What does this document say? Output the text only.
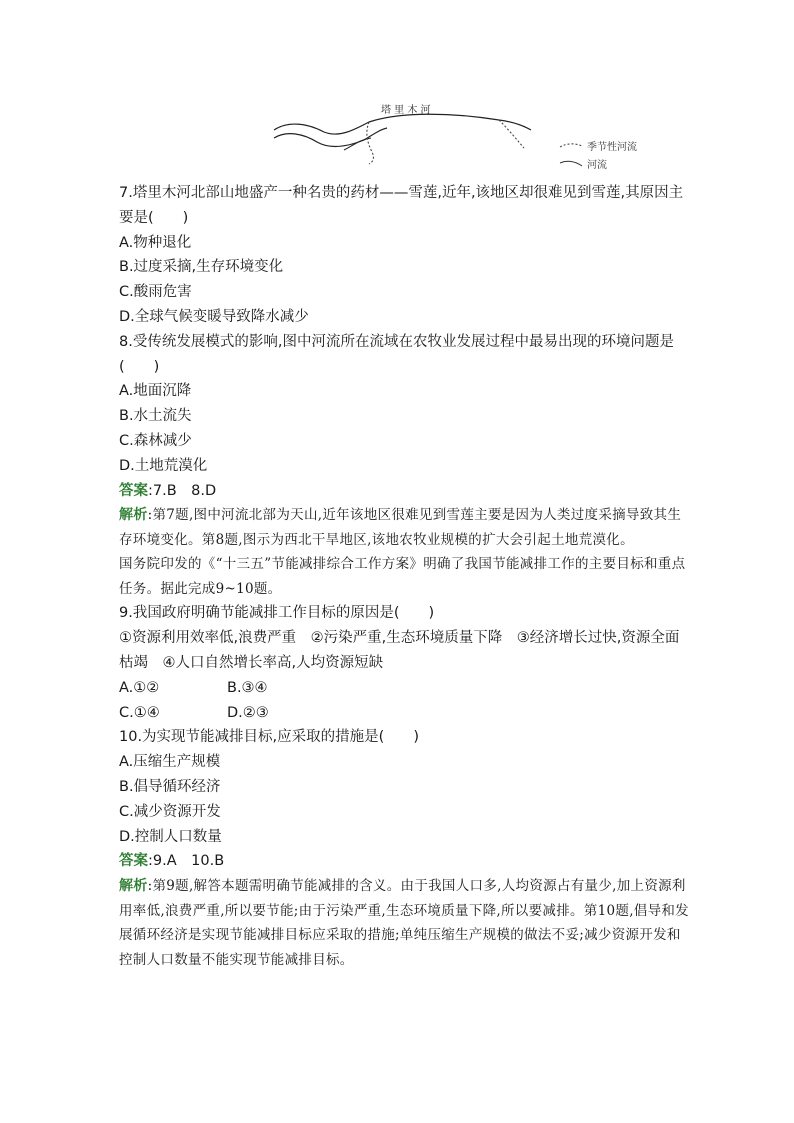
塔 里 木 河
季节性河流
河流
7.塔里木河北部山地盛产一种名贵的药材——雪莲,近年,该地区却很难见到雪莲,其原因主要是(　　)
A.物种退化
B.过度采摘,生存环境变化
C.酸雨危害
D.全球气候变暖导致降水减少
8.受传统发展模式的影响,图中河流所在流域在农牧业发展过程中最易出现的环境问题是(　　)
A.地面沉降
B.水土流失
C.森林减少
D.土地荒漠化
答案:7.B　8.D
解析:第7题,图中河流北部为天山,近年该地区很难见到雪莲主要是因为人类过度采摘导致其生存环境变化。第8题,图示为西北干旱地区,该地农牧业规模的扩大会引起土地荒漠化。
国务院印发的《“十三五”节能减排综合工作方案》明确了我国节能减排工作的主要目标和重点任务。据此完成9~10题。
9.我国政府明确节能减排工作目标的原因是(　　)
①资源利用效率低,浪费严重　②污染严重,生态环境质量下降　③经济增长过快,资源全面枯竭　④人口自然增长率高,人均资源短缺
A.①②	B.③④
C.①④	D.②③
10.为实现节能减排目标,应采取的措施是(　　)
A.压缩生产规模
B.倡导循环经济
C.减少资源开发
D.控制人口数量
答案:9.A　10.B
解析:第9题,解答本题需明确节能减排的含义。由于我国人口多,人均资源占有量少,加上资源利用率低,浪费严重,所以要节能;由于污染严重,生态环境质量下降,所以要减排。第10题,倡导和发展循环经济是实现节能减排目标应采取的措施;单纯压缩生产规模的做法不妥;减少资源开发和控制人口数量不能实现节能减排目标。
